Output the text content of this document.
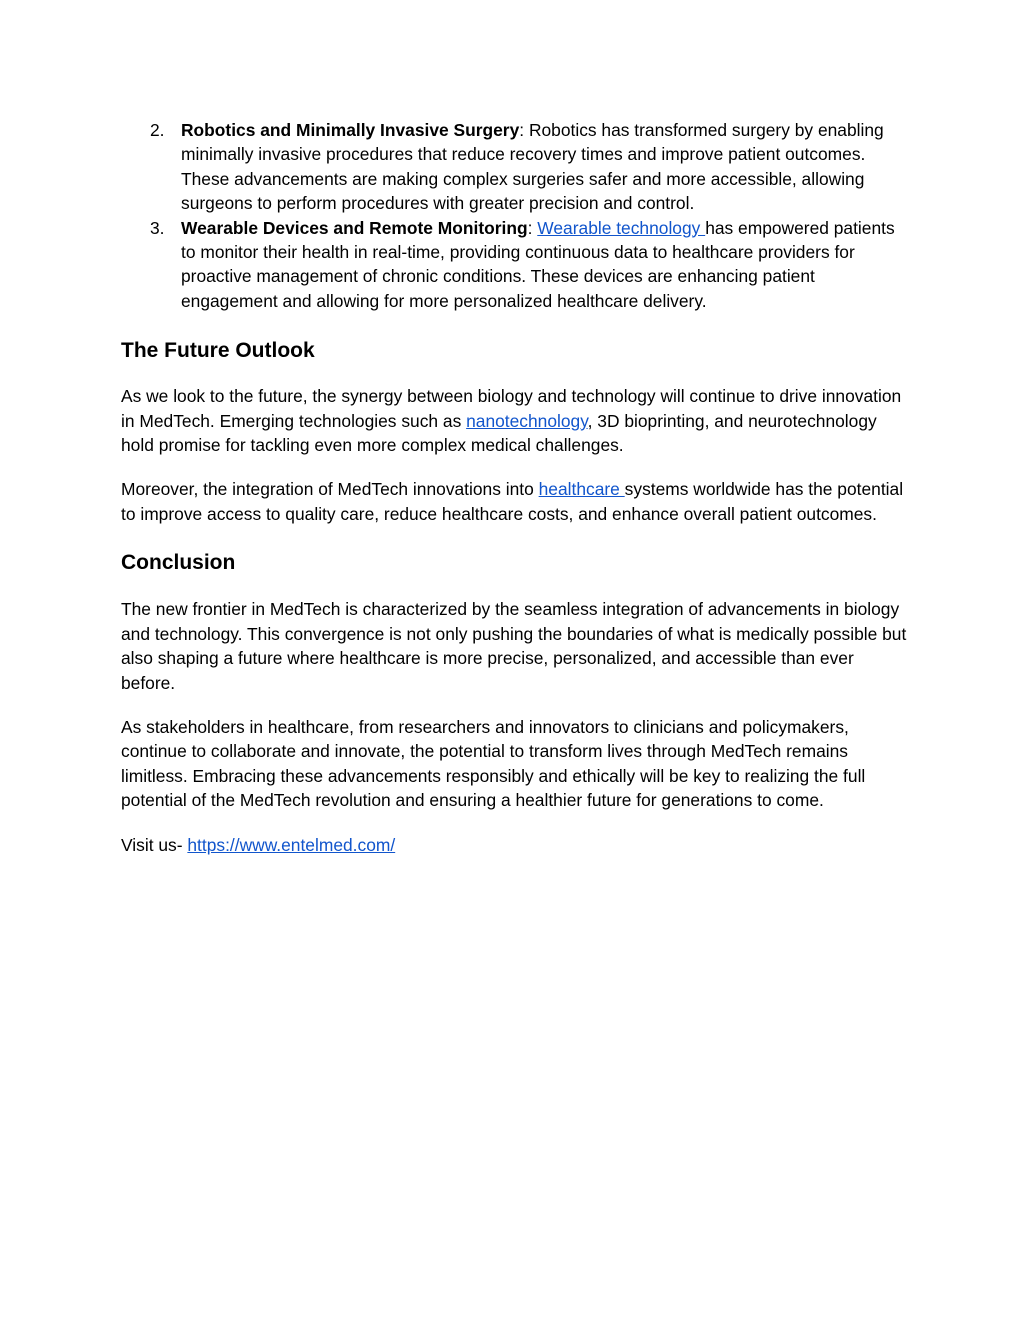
2. Robotics and Minimally Invasive Surgery: Robotics has transformed surgery by enabling minimally invasive procedures that reduce recovery times and improve patient outcomes. These advancements are making complex surgeries safer and more accessible, allowing surgeons to perform procedures with greater precision and control.
3. Wearable Devices and Remote Monitoring: Wearable technology has empowered patients to monitor their health in real-time, providing continuous data to healthcare providers for proactive management of chronic conditions. These devices are enhancing patient engagement and allowing for more personalized healthcare delivery.
The Future Outlook

As we look to the future, the synergy between biology and technology will continue to drive innovation in MedTech. Emerging technologies such as nanotechnology, 3D bioprinting, and neurotechnology hold promise for tackling even more complex medical challenges.

Moreover, the integration of MedTech innovations into healthcare systems worldwide has the potential to improve access to quality care, reduce healthcare costs, and enhance overall patient outcomes.

Conclusion

The new frontier in MedTech is characterized by the seamless integration of advancements in biology and technology. This convergence is not only pushing the boundaries of what is medically possible but also shaping a future where healthcare is more precise, personalized, and accessible than ever before.

As stakeholders in healthcare, from researchers and innovators to clinicians and policymakers, continue to collaborate and innovate, the potential to transform lives through MedTech remains limitless. Embracing these advancements responsibly and ethically will be key to realizing the full potential of the MedTech revolution and ensuring a healthier future for generations to come.

Visit us- https://www.entelmed.com/
